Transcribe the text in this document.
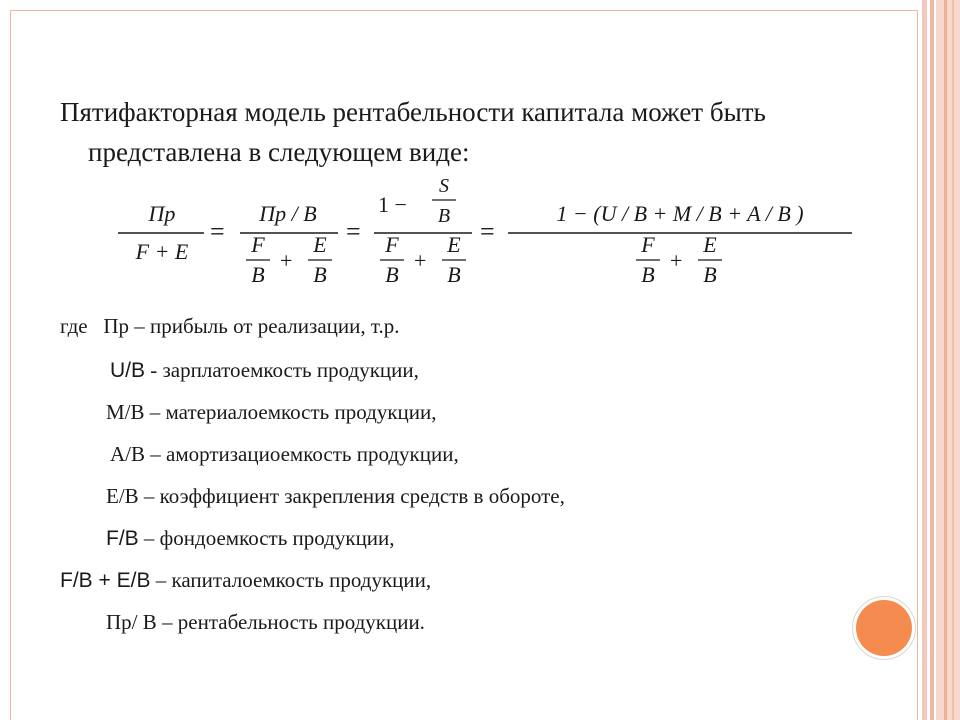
Пятифакторная модель рентабельности капитала может быть
представлена в следующем виде:
Пр
F + E
=
Пр / В
F
B
+
E
B
=
1 −
S
B
F
B
+
E
B
=
1 − (U / B + M / B + A / B )
F
B
+
E
B
где Пр – прибыль от реализации, т.р.
U/B - зарплатоемкость продукции,
М/В – материалоемкость продукции,
А/В – амортизациоемкость продукции,
Е/В – коэффициент закрепления средств в обороте,
F/B – фондоемкость продукции,
F/B + E/B – капиталоемкость продукции,
Пр/ В – рентабельность продукции.
